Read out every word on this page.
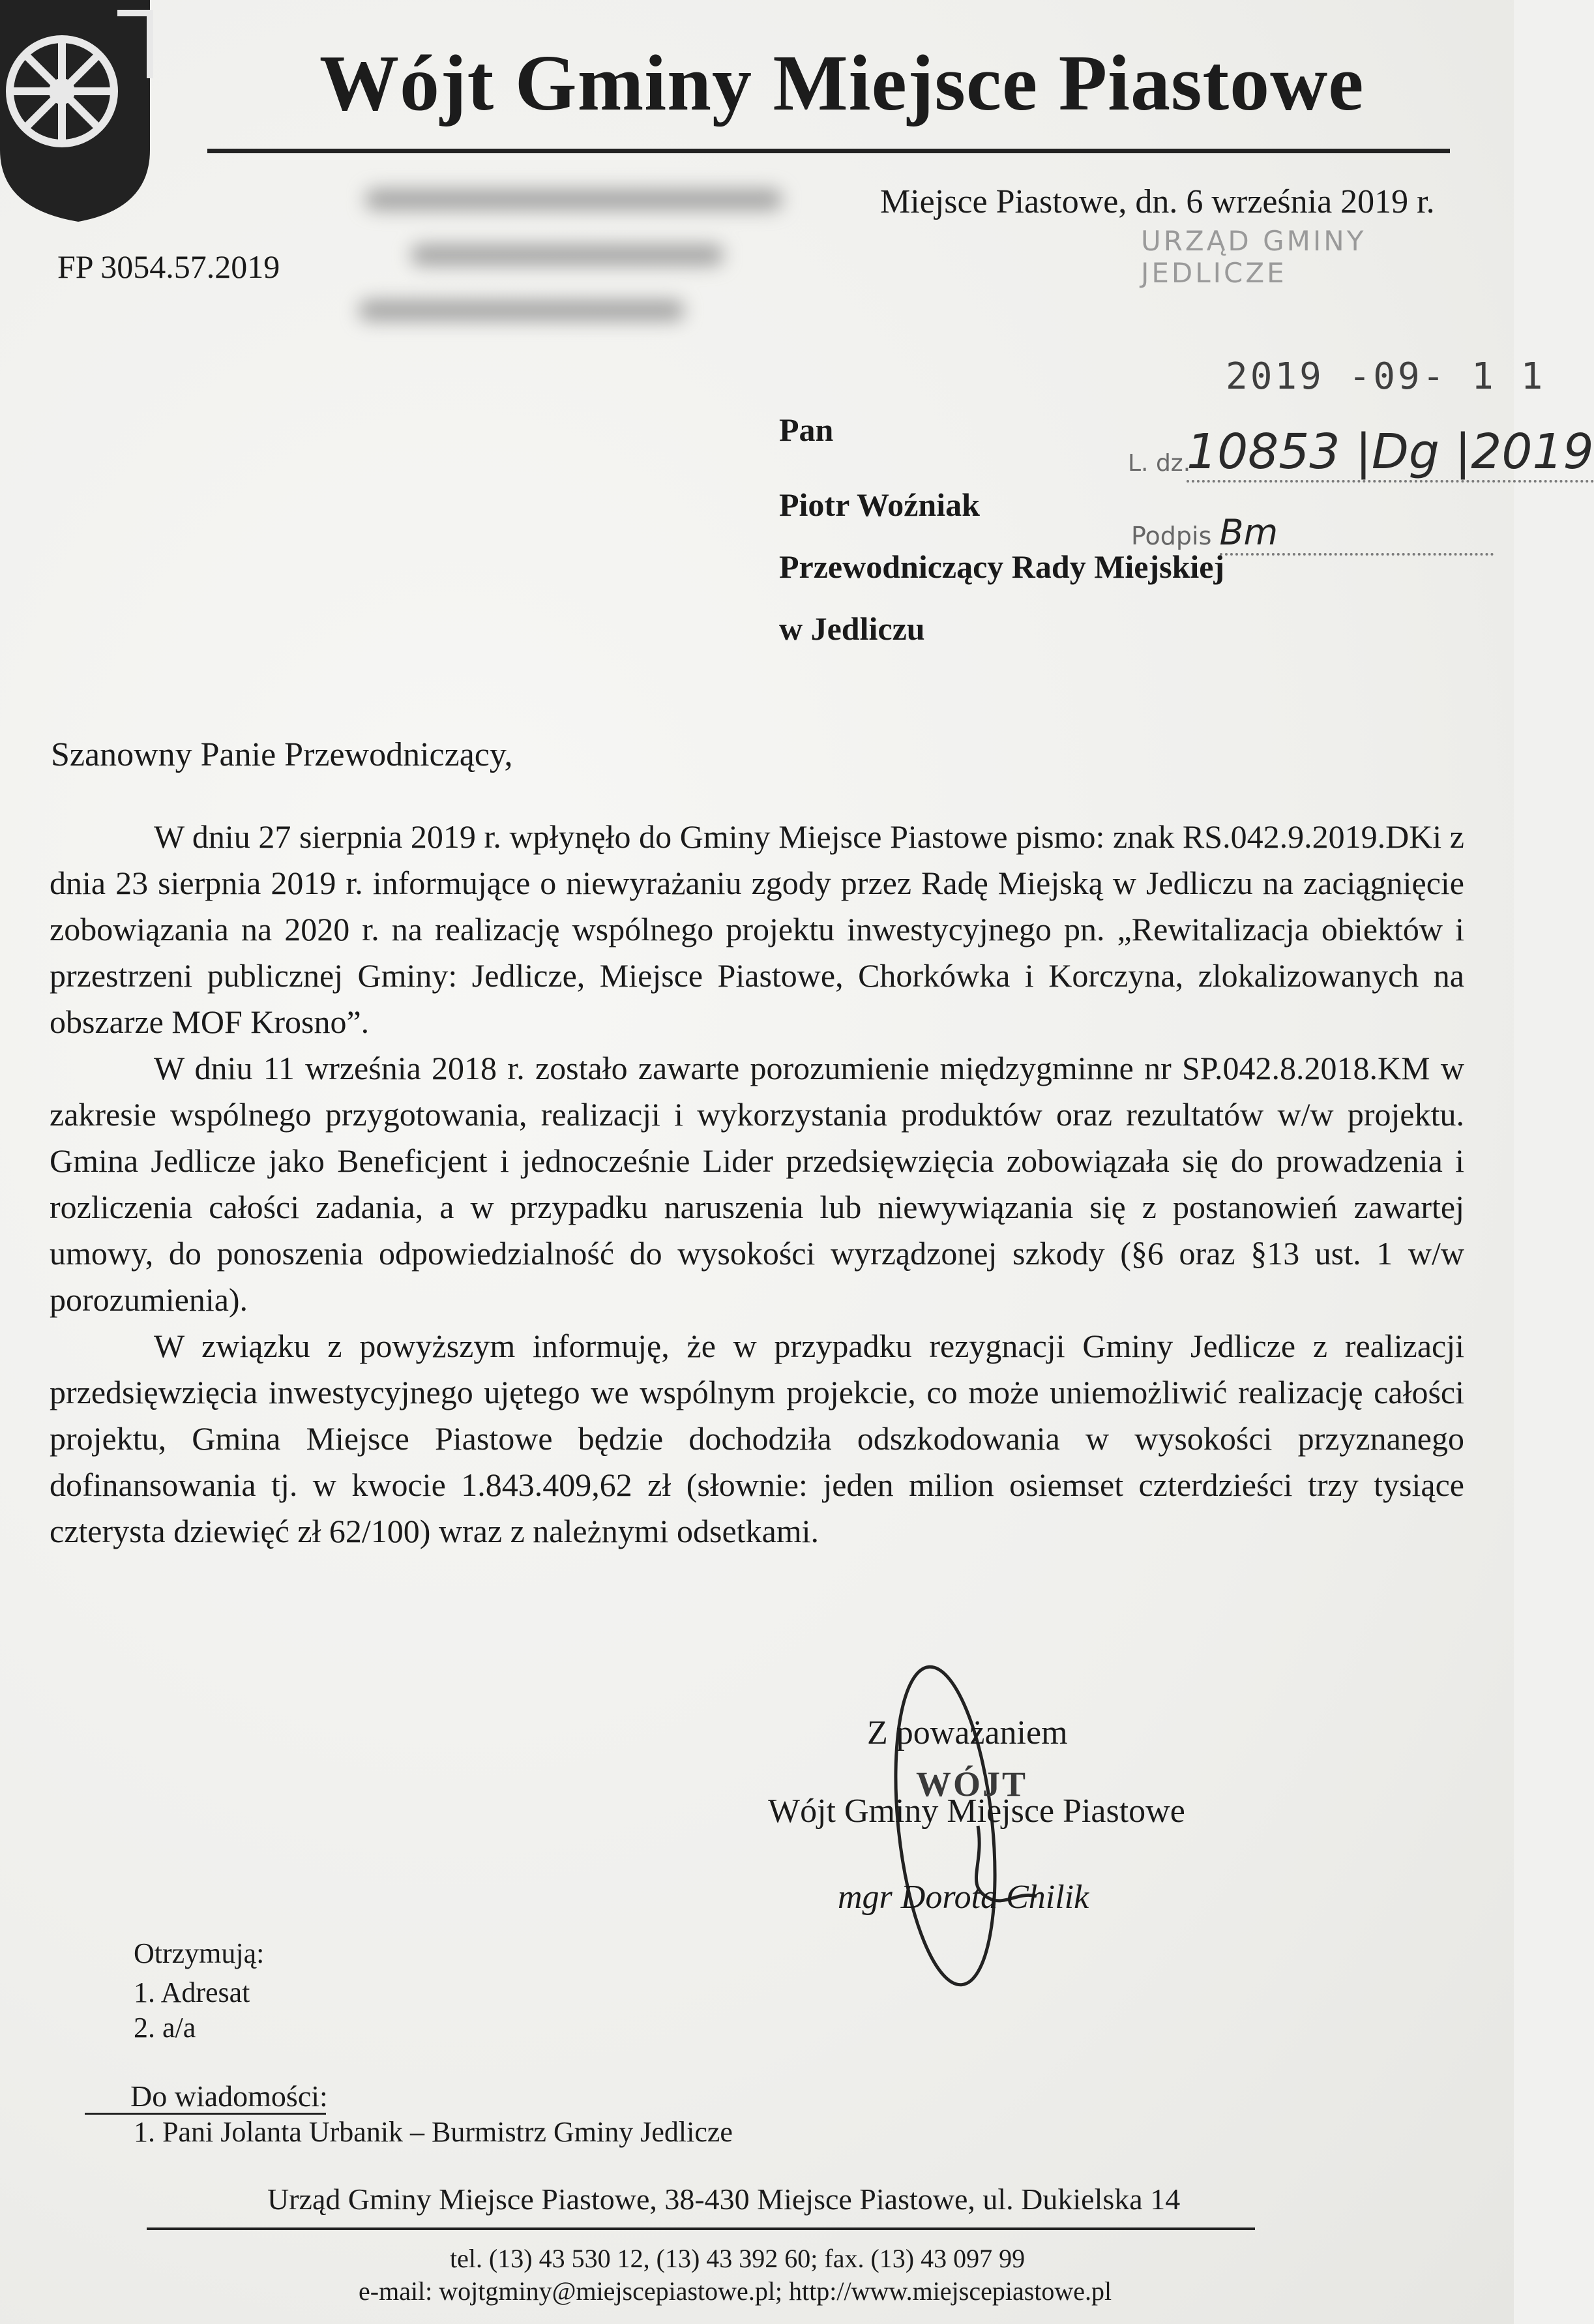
Wójt Gminy Miejsce Piastowe
Miejsce Piastowe, dn. 6 września 2019 r.
FP 3054.57.2019
URZĄD GMINY JEDLICZE
2019 -09- 1 1
L. dz.
10853 |Dg |2019
Podpis Bm
Pan
Piotr Woźniak
Przewodniczący Rady Miejskiej
w Jedliczu
Szanowny Panie Przewodniczący,

W dniu 27 sierpnia 2019 r. wpłynęło do Gminy Miejsce Piastowe pismo: znak RS.042.9.2019.DKi z dnia 23 sierpnia 2019 r. informujące o niewyrażaniu zgody przez Radę Miejską w Jedliczu na zaciągnięcie zobowiązania na 2020 r. na realizację wspólnego projektu inwestycyjnego pn. „Rewitalizacja obiektów i przestrzeni publicznej Gminy: Jedlicze, Miejsce Piastowe, Chorkówka i Korczyna, zlokalizowanych na obszarze MOF Krosno”.

W dniu 11 września 2018 r. zostało zawarte porozumienie międzygminne nr SP.042.8.2018.KM w zakresie wspólnego przygotowania, realizacji i wykorzystania produktów oraz rezultatów w/w projektu. Gmina Jedlicze jako Beneficjent i jednocześnie Lider przedsięwzięcia zobowiązała się do prowadzenia i rozliczenia całości zadania, a w przypadku naruszenia lub niewywiązania się z postanowień zawartej umowy, do ponoszenia odpowiedzialność do wysokości wyrządzonej szkody (§6 oraz §13 ust. 1 w/w porozumienia).

W związku z powyższym informuję, że w przypadku rezygnacji Gminy Jedlicze z realizacji przedsięwzięcia inwestycyjnego ujętego we wspólnym projekcie, co może uniemożliwić realizację całości projektu, Gmina Miejsce Piastowe będzie dochodziła odszkodowania w wysokości przyznanego dofinansowania tj. w kwocie 1.843.409,62 zł (słownie: jeden milion osiemset czterdzieści trzy tysiące czterysta dziewięć zł 62/100) wraz z należnymi odsetkami.

Z poważaniem
WÓJT
Wójt Gminy Miejsce Piastowe
mgr Dorota Chilik
Otrzymują:
1. Adresat
2. a/a
Do wiadomości:
1. Pani Jolanta Urbanik – Burmistrz Gminy Jedlicze
Urząd Gminy Miejsce Piastowe, 38-430 Miejsce Piastowe, ul. Dukielska 14
tel. (13) 43 530 12, (13) 43 392 60; fax. (13) 43 097 99
e-mail: wojtgminy@miejscepiastowe.pl; http://www.miejscepiastowe.pl
